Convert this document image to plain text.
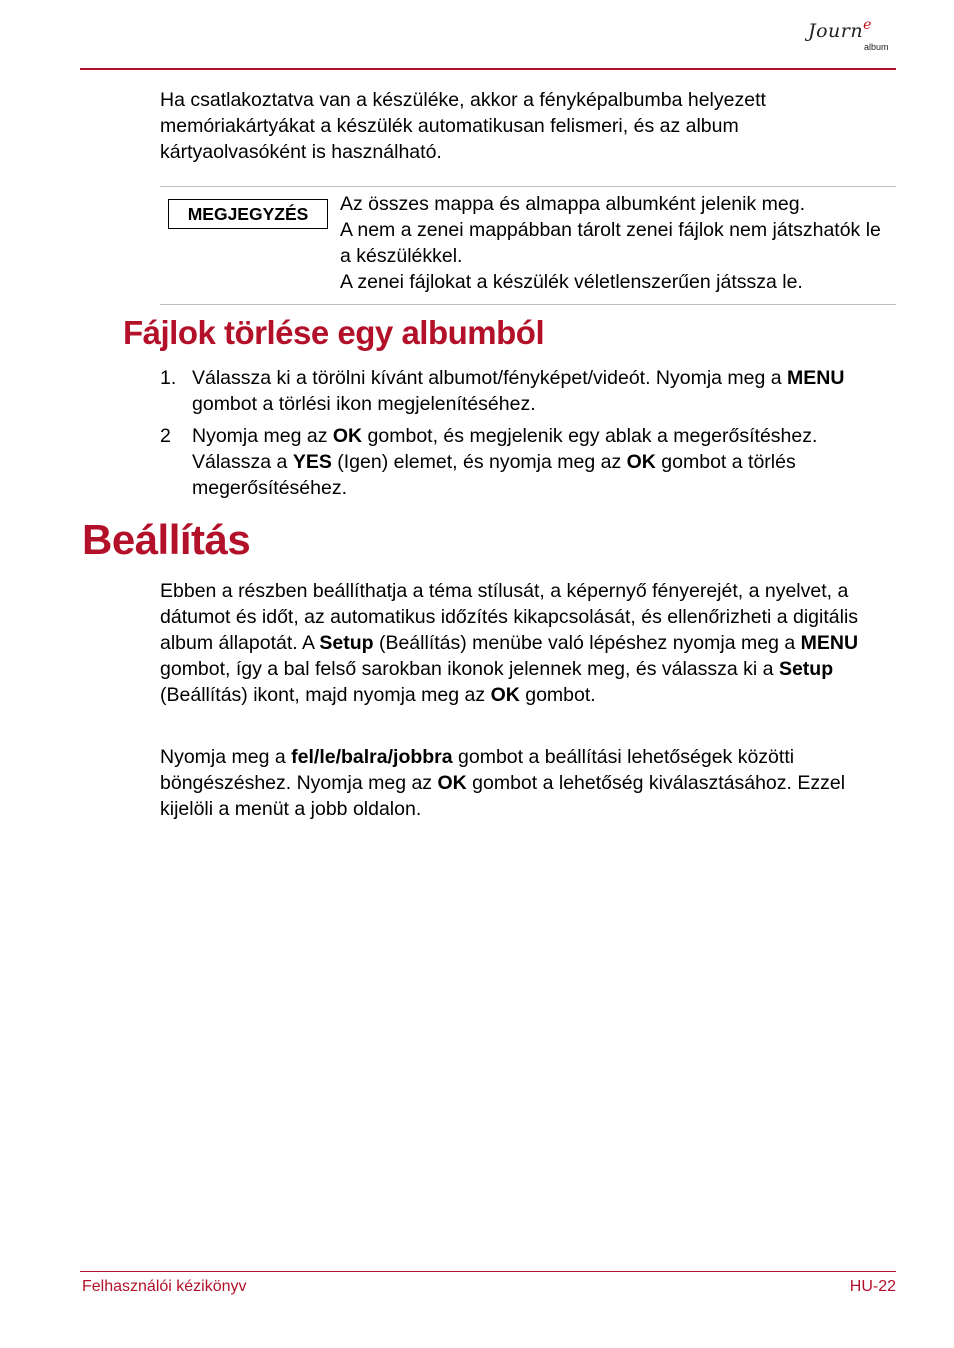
Journ$^e$
album
Ha csatlakoztatva van a készüléke, akkor a fényképalbumba helyezett memóriakártyákat a készülék automatikusan felismeri, és az album kártyaolvasóként is használható.
MEGJEGYZÉS	Az összes mappa és almappa albumként jelenik meg.
A nem a zenei mappábban tárolt zenei fájlok nem játszhatók le a készülékkel.
A zenei fájlokat a készülék véletlenszerűen játssza le.
Fájlok törlése egy albumból
1. Válassza ki a törölni kívánt albumot/fényképet/videót. Nyomja meg a MENU gombot a törlési ikon megjelenítéséhez.
2 Nyomja meg az OK gombot, és megjelenik egy ablak a megerősítéshez. Válassza a YES (Igen) elemet, és nyomja meg az OK gombot a törlés megerősítéséhez.
Beállítás
Ebben a részben beállíthatja a téma stílusát, a képernyő fényerejét, a nyelvet, a dátumot és időt, az automatikus időzítés kikapcsolását, és ellenőrizheti a digitális album állapotát. A Setup (Beállítás) menübe való lépéshez nyomja meg a MENU gombot, így a bal felső sarokban ikonok jelennek meg, és válassza ki a Setup (Beállítás) ikont, majd nyomja meg az OK gombot.
Nyomja meg a fel/le/balra/jobbra gombot a beállítási lehetőségek közötti böngészéshez. Nyomja meg az OK gombot a lehetőség kiválasztásához. Ezzel kijelöli a menüt a jobb oldalon.
Felhasználói kézikönyv	HU-22
